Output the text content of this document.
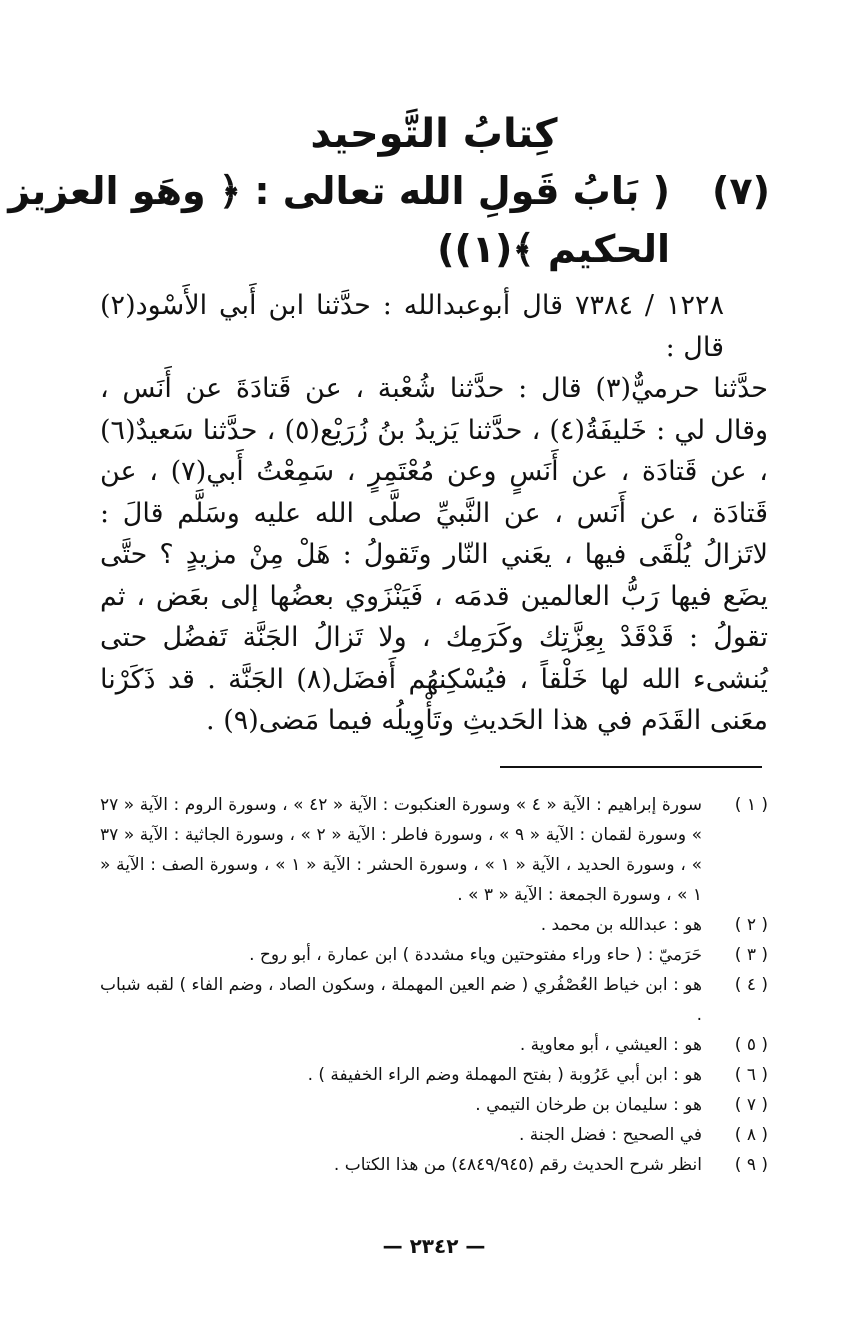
كِتابُ التَّوحيد
(٧)
( بَابُ قَولِ الله تعالى : ﴿ وهَو العزيز
الحكيم ﴾(١))
١٢٢٨ / ٧٣٨٤ قال أبوعبدالله : حدَّثنا ابن أَبي الأَسْود(٢) قال :
حدَّثنا حرميٌّ(٣) قال : حدَّثنا شُعْبة ، عن قَتادَةَ عن أَنَس ، وقال لي : خَليفَةُ(٤) ، حدَّثنا يَزيدُ بنُ زُرَيْع(٥) ، حدَّثنا سَعيدٌ(٦) ، عن قَتادَة ، عن أَنَسٍ وعن مُعْتَمِرٍ ، سَمِعْتُ أَبي(٧) ، عن قَتادَة ، عن أَنَس ، عن النَّبيِّ صلَّى الله عليه وسَلَّم قالَ : لاتَزالُ يُلْقَى فيها ، يعَني النّار وتَقولُ : هَلْ مِنْ مزيدٍ ؟ حتَّى يضَع فيها رَبُّ العالمين قدمَه ، فَيَنْزَوي بعضُها إلى بعَض ، ثم تقولُ : قَدْقَدْ بِعِزَّتِك وكَرَمِك ، ولا تَزالُ الجَنَّة تَفضُل حتى يُنشىء الله لها خَلْقاً ، فيُسْكِنهُم أَفضَل(٨) الجَنَّة . قد ذَكَرْنا معَنى القَدَم في هذا الحَديثِ وتَأْوِيلُه فيما مَضى(٩) .
( ١ )
سورة إبراهيم : الآية « ٤ » وسورة العنكبوت : الآية « ٤٢ » ، وسورة الروم : الآية « ٢٧ » وسورة لقمان : الآية « ٩ » ، وسورة فاطر : الآية « ٢ » ، وسورة الجاثية : الآية « ٣٧ » ، وسورة الحديد ، الآية « ١ » ، وسورة الحشر : الآية « ١ » ، وسورة الصف : الآية « ١ » ، وسورة الجمعة : الآية « ٣ » .
( ٢ )
هو : عبدالله بن محمد .
( ٣ )
حَرَميّ : ( حاء وراء مفتوحتين وياء مشددة ) ابن عمارة ، أبو روح .
( ٤ )
هو : ابن خياط العُصْفُري ( ضم العين المهملة ، وسكون الصاد ، وضم الفاء ) لقبه شباب .
( ٥ )
هو : العيشي ، أبو معاوية .
( ٦ )
هو : ابن أبي عَرُوبة ( بفتح المهملة وضم الراء الخفيفة ) .
( ٧ )
هو : سليمان بن طرخان التيمي .
( ٨ )
في الصحيح : فضل الجنة .
( ٩ )
انظر شرح الحديث رقم (٤٨٤٩/٩٤٥) من هذا الكتاب .
— ٢٣٤٢ —
